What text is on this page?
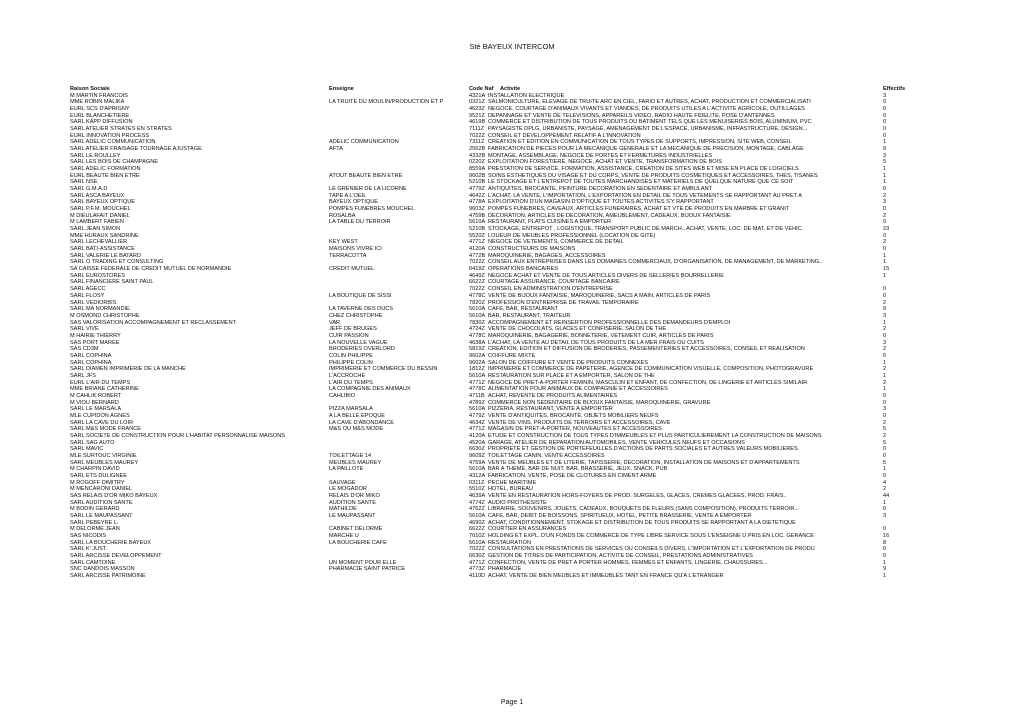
Sté BAYEUX INTERCOM
Raison Sociale	Enseigne	Code Naf	Activite	Effectifs
M MARTIN FRANCOIS	4321A INSTALLATION ELECTRIQUE	3
MME ROBIN MALIKA	LA TRUITE DU MOULIN/PRODUCTION ET P	0321Z SALMONICULTURE, ELEVAGE DE TRUITE ARC EN CIEL, FARIO ET AUTRES, ACHAT, PRODUCTION ET COMMERCIALISATI	0
EURL SCS D'APRIGNY	4623Z NEGOCE, COURTAGE D'ANIMAUX VIVANTS ET VIANDES, DE PRODUITS UTILES A L'ACTIVITE AGRICOLE, OUTILLAGES	0
EURL BLANCHETIERE	9521Z DEPANNAGE ET VENTE DE TELEVISIONS, APPAREILS VIDEO, RADIO HAUTE FIDELITE, POSE D'ANTENNES	0
SARL KAPP DIFFUSION	4619B COMMERCE ET DISTRIBUTION DE TOUS PRODUITS DU BATIMENT TELS QUE LES MENUISERIES BOIS, ALUMINIUM, PVC	0
SARL ATELIER STRATES EN STRATES	7111Z PAYSAGISTE DPLG, URBANISTE, PAYSAGE, AMENAGEMENT DE L'ESPACE, URBANISME, INFRASTRUCTURE, DESIGN...	0
EURL INNOVATION PROCESS	7022Z CONSEIL ET DEVELOPPEMENT RELATIF A L'INNOVATION	0
SARL ADELIC COMMUNICATION	ADELIC COMMUNICATION	7311Z CREATION ET EDITION EN COMMUNICATION DE TOUS TYPES DE SUPPORTS, IMPRESSION, SITE WEB, CONSEIL	1
SARL ATELIER FRAISAGE TOURNAGE AJUSTAGE	AFTA	2562B FABRICATION DE PIECES POUR LA MECANIQUE GENERALE ET LA MECANIQUE DE PRECISION, MONTAGE, CABLAGE	9
SARL LE ROULLEY	4332B MONTAGE, ASSEMBLAGE, NEGOCE DE PORTES ET FERMETURES INDUSTRIELLES	3
SARL LES BOIS DE CHAMPAGNE	0220Z EXPLOITATION FORESTIERE, NEGOCE, ACHAT ET VENTE, TRANSFORMATION DE BOIS	5
SARL ADELIC FORMATION	8559A PRESTATION DE SERVICE, FORMATION, ASSISTANCE, CREATION DE SITES WEB ET MISE EN PLACE DE LOGICIELS	1
EURL BEAUTE BIEN ETRE	ATOUT BEAUTE BIEN ETRE	9602B SOINS ESTHETIQUES DU VISAGE ET DU CORPS, VENTE DE PRODUITS COSMETIQUES ET ACCESSOIRES, THES, TISANES	1
SARL NSE	5210B LE STOCKAGE ET L'ENTREPOT DE TOUTES MARCHANDISES ET MATERIELS DE QUELQUE NATURE QUE CE SOIT	1
SARL G.M.A.D	LE GRENIER DE LA LICORNE	4779Z ANTIQUITES, BROCANTE, PEINTURE DECORATION EN SEDENTAIRE ET AMBULANT	0
SARL ASCA BAYEUX	TAPE A L'OEIL	4642Z L'ACHAT, LA VENTE, L'IMPORTATION, L'EXPORTATION EN DETAIL DE TOUS VETEMENTS SE RAPPORTANT AU PRET A	2
SARL BAYEUX OPTIQUE	BAYEUX OPTIQUE	4778A EXPLOITATION D'UN MAGASIN D'OPTIQUE ET TOUTES ACTIVITES S'Y RAPPORTANT	3
SARL P.F.M. MOUCHEL	POMPES FUNEBRES MOUCHEL	9603Z POMPES FUNEBRES, CAVEAUX, ARTICLES FUNERAIRES, ACHAT ET VTE DE PRODUITS EN MARBRE ET GRANIT	0
M DIEULAFAIT DANIEL	ROSALBA	4759B DECORATION, ARTICLES DE DECORATION, AMEUBLEMENT, CADEAUX, BIJOUX FANTAISIE	2
M LAMBERT FABIEN	LA TABLE DU TERROIR	5610A RESTAURANT, PLATS CUISINES A EMPORTER	0
SARL JEAN SIMON	5210B STOCKAGE, ENTREPOT , LOGISTIQUE, TRANSPORT PUBLIC DE MARCH., ACHAT, VENTE, LOC. DE MAT. ET DE VEHIC.	23
MME HURAUX SANDRINE	5520Z LOUEUR DE MEUBLES PROFESSIONNEL (LOCATION DE GITE)	0
SARL LECHEVALLIER	KEY WEST	4771Z NEGOCE DE VETEMENTS, COMMERCE DE DETAIL	2
SARL BATI-ASSISTANCE	MAISONS VIVRE ICI	4120A CONSTRUCTEURS DE MAISONS	0
SARL VALERIE LE BATARD	TERRACOTTA	4772B MAROQUINERIE, BAGAGES, ACCESSOIRES	1
SARL O TRADING ET CONSULTING	7022Z CONSEIL AUX ENTREPRISES DANS LES DOMAINES COMMERCIAUX, D'ORGANISATION, DE MANAGEMENT, DE MARKETING..	1
SA CAISSE FEDERALE DE CREDIT MUTUEL DE NORMANDIE	CREDIT MUTUEL	6419Z OPERATIONS BANCAIRES	15
SARL EUROSTORES	4649Z NEGOCE ACHAT ET VENTE DE TOUS ARTICLES DIVERS DE SELLERIES BOURRELLERIE	1
SARL FINANCIERE SAINT PAUL	6622Z COURTAGE ASSURANCE, COURTAGE BANCAIRE
SARL AGECC	7022Z CONSEIL EN ADMINISTRATION D'ENTREPRISE	0
SARL FLOSY	LA BOUTIQUE DE SISSI	4778C VENTE DE BIJOUX FANTAISIE, MAROQUINERIE, SACS A MAIN, ARTICLES DE PARIS	0
SARL VEDIORBIS	7820Z PROFESSION D'ENTREPRISE DE TRAVAIL TEMPORAIRE	2
SARL MA NORMANDIE	LA TAVERNE DES DUCS	5610A CAFE, BAR, RESTAURANT	9
M OSMOND CHRISTOPHE	CHEZ CHRISTOPHE	5610A BAR, RESTAURANT, TRAITEUR	3
SAS VALORISATION ACCOMPAGNEMENT ET RECLASSEMENT	VAR	7830Z ACCOMPAGNEMENT ET REINSERTION PROFESSIONNELLE DES DEMANDEURS D'EMPLOI	1
SARL VIVE	JEFF DE BRUGES	4724Z VENTE DE CHOCOLATS, GLACES ET CONFISERIE, SALON DE THE	2
M HAIRIE THIERRY	CUIR PASSION	4778C MAROQUINERIE, BAGAGERIE, BONNETERIE, VETEMENT CUIR, ARTICLES DE PARIS	0
SAS PORT MAREE	LA NOUVELLE VAGUE	4638A L'ACHAT, LA VENTE AU DETAIL DE TOUS PRODUITS DE LA MER FRAIS OU CUITS	3
SAS CD3M	BRODERIES OVERLORD	5819Z CREATION, EDITION ET DIFFUSION DE BRODERIES, PASSEMENTERIES ET ACCESSOIRES, CONSEIL ET REALISATION	2
SARL COPHINA	COLIN PHILIPPE	9602A COIFFURE MIXTE	6
SARL COPHINA	PHILIPPE COLIN	9602A SALON DE COIFFURE ET VENTE DE PRODUITS CONNEXES	1
SARL DIAMEN IMPRIMERIE DE LA MANCHE	IMPRIMERIE ET COMMERCE DU BESSIN	1812Z IMPRIMERIE ET COMMERCE DE PAPETERIE, AGENCE DE COMMUNICATION VISUELLE, COMPOSITION, PHOTOGRAVURE	2
SARL JFS	L'ACCROCHE	5610A RESTAURATION SUR PLACE ET A EMPORTER, SALON DE THE	1
EURL L'AIR DU TEMPS	L'AIR DU TEMPS	4771Z NEGOCE DE PRET-A-PORTER FEMININ, MASCULIN ET ENFANT, DE CONFECTION, DE LINGERIE ET ARTICLES SIMILAIR	2
MME BRIANE CATHERINE	LA COMPAGNIE DES ANIMAUX	4778C ALIMENTATION POUR ANIMAUX DE COMPAGNIE ET ACCESSOIRES	1
M CAHLIK ROBERT	CAHLIBIO	4711B ACHAT, REVENTE DE PRODUITS ALIMENTAIRES	0
M VIOU BERNARD	4789Z COMMERCE NON SEDENTAIRE DE BIJOUX FANTAISIE, MAROQUINERIE, GRAVURE	0
SARL LE MARSALA	PIZZA MARSALA	5610A PIZZERIA, RESTAURANT, VENTE A EMPORTER	3
MLE CUPIDON AGNES	A LA BELLE EPOQUE	4779Z VENTE D'ANTIQUITES, BROCANTE, OBJETS MOBILIERS NEUFS	0
SARL LA CAVE DU LOIR	LA CAVE D'ABONDANCE	4634Z VENTE DE VINS, PRODUITS DE TERROIRS ET ACCESSOIRES, CAVE	2
SARL M&S MODE FRANCE	M&S OU M&S MODE	4771Z MAGASIN DE PRET-A-PORTER, NOUVEAUTES ET ACCESSOIRES	5
SARL SOCIETE DE CONSTRUCTION POUR L'HABITAT PERSONNALISE MAISONS	4120A ETUDE ET CONSTRUCTION DE TOUS TYPES D'IMMEUBLES ET PLUS PARTICULIEREMENT LA CONSTRUCTION DE MAISONS	2
SARL SAG AUTO	4520A GARAGE, ATELIER DE REPARATION AUTOMOBILES, VENTE VEHICULES NEUFS ET OCCASIONS	5
SARL MAVIC	6630Z PROPRIETE ET GESTION DE PORTEFEUILLES D'ACTIONS DE PARTS SOCIALES ET AUTRES VALEURS MOBILIERES	0
MLE SURTOUC VIRGINIE	TOILETTAGE 14	9609Z TOILETTAGE CANIN, VENTE ACCESSOIRES	0
SARL MEUBLES MAUREY	MEUBLES MAUREY	4759A VENTE DE MEUBLES ET DE LITERIE, TAPISSERIE, DECORATION, INSTALLATION DE MAISONS ET D'APPARTEMENTS	5
M CHARPIN DAVID	LA PAILLOTE	5610A BAR A THEME, BAR DE NUIT, BAR, BRASSERIE, JEUX, SNACK, PUB	1
SARL ETS DULIGNEE	4312A FABRICATION, VENTE, POSE DE CLOTURES EN CIMENT ARME	0
M ROGOFF DIMITRY	SAUVAGE	0311Z PECHE MARITIME	4
M MENCARONI DANIEL	LE MOGADOR	5510Z HOTEL, BUREAU	2
SAS RELAIS D'OR MIKO BAYEUX	RELAIS D'OR MIKO	4639A VENTE EN RESTAURATION HORS-FOYERS DE PROD. SURGELES, GLACES, CREMES GLACEES, PROD. FRAIS..	44
SARL AUDITION SANTE	AUDITION SANTE	4774Z AUDIO PROTHESISTE	1
M BODIN GERARD	MATHILDE	4762Z LIBRAIRIE, SOUVENIRS, JOUETS, CADEAUX, BOUQUETS DE FLEURS (SANS COMPOSITION), PRODUITS TERROIR...	0
SARL LE MAUPASSANT	LE MAUPASSANT	5610A CAFE, BAR, DEBIT DE BOISSONS, SPIRITUEUX, HOTEL, PETITE BRASSERIE, VENTE A EMPORTER	3
SARL PEBEYRE L.	4690Z ACHAT, CONDITIONNEMENT, STOKAGE ET DISTRIBUTION DE TOUS PRODUITS SE RAPPORTANT A LA DIETETIQUE
M DELORME JEAN	CABINET DELORME	6622Z COURTIER EN ASSURANCES	0
SAS NICODIS	MARCHE U	7010Z HOLDING ET EXPL. D'UN FONDS DE COMMERCE DE TYPE LIBRE SERVICE SOUS L'ENSEIGNE U PRIS EN LOC. GERANCE	16
SARL LA BOUCHERIE BAYEUX	LA BOUCHERIE CAFE	5610A RESTAURATION	8
SARL K' JUST.	7022Z CONSULTATIONS EN PRESTATIONS DE SERVICES OU CONSEILS DIVERS, L'IMPORTATION ET L'EXPORTATION DE PRODU	0
SARL ARCISSE DEVELOPPEMENT	6630Z GESTION DE TITRES DE PARTICIPATION, ACTIVITE DE CONSEIL, PRESTATIONS ADMINISTRATIVES	0
SARL CAMTOINE	UN MOMENT POUR ELLE	4771Z CONFECTION, VENTE DE PRET A PORTER HOMMES, FEMMES ET ENFANTS, LINGERIE, CHAUSSURES...	1
SNC DANDOIS MASSON	PHARMACIE SAINT PATRICE	4773Z PHARMACIE	9
SARL ARCISSE PATRIMOINE	4110D ACHAT, VENTE DE BIEN MEUBLES ET IMMEUBLES TANT EN FRANCE QU'A L'ETRANGER	1
Page 1
